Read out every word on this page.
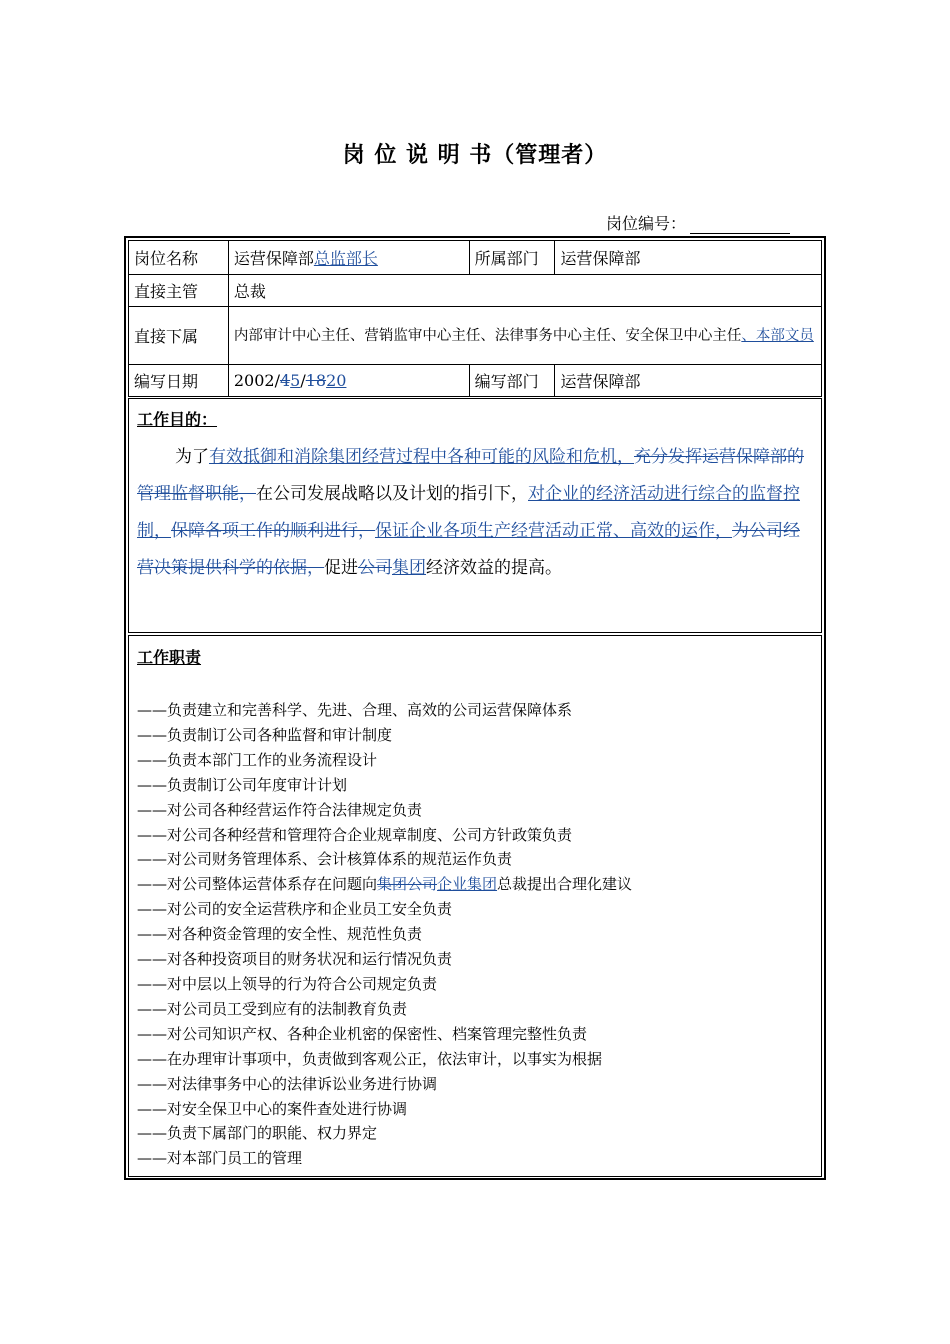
岗 位 说 明 书（管理者）
岗位编号：
岗位名称	运营保障部总监部长	所属部门	运营保障部
直接主管	总裁		
直接下属	内部审计中心主任、营销监审中心主任、法律事务中心主任、安全保卫中心主任、本部文员		
编写日期	2002/45/1820	编写部门	运营保障部
工作目的：

为了有效抵御和消除集团经营过程中各种可能的风险和危机，充分发挥运营保障部的管理监督职能，在公司发展战略以及计划的指引下，对企业的经济活动进行综合的监督控制，保障各项工作的顺利进行，保证企业各项生产经营活动正常、高效的运作，为公司经营决策提供科学的依据，促进公司集团经济效益的提高。

工作职责
——负责建立和完善科学、先进、合理、高效的公司运营保障体系
——负责制订公司各种监督和审计制度
——负责本部门工作的业务流程设计
——负责制订公司年度审计计划
——对公司各种经营运作符合法律规定负责
——对公司各种经营和管理符合企业规章制度、公司方针政策负责
——对公司财务管理体系、会计核算体系的规范运作负责
——对公司整体运营体系存在问题向集团公司企业集团总裁提出合理化建议
——对公司的安全运营秩序和企业员工安全负责
——对各种资金管理的安全性、规范性负责
——对各种投资项目的财务状况和运行情况负责
——对中层以上领导的行为符合公司规定负责
——对公司员工受到应有的法制教育负责
——对公司知识产权、各种企业机密的保密性、档案管理完整性负责
——在办理审计事项中，负责做到客观公正，依法审计，以事实为根据
——对法律事务中心的法律诉讼业务进行协调
——对安全保卫中心的案件查处进行协调
——负责下属部门的职能、权力界定
——对本部门员工的管理
